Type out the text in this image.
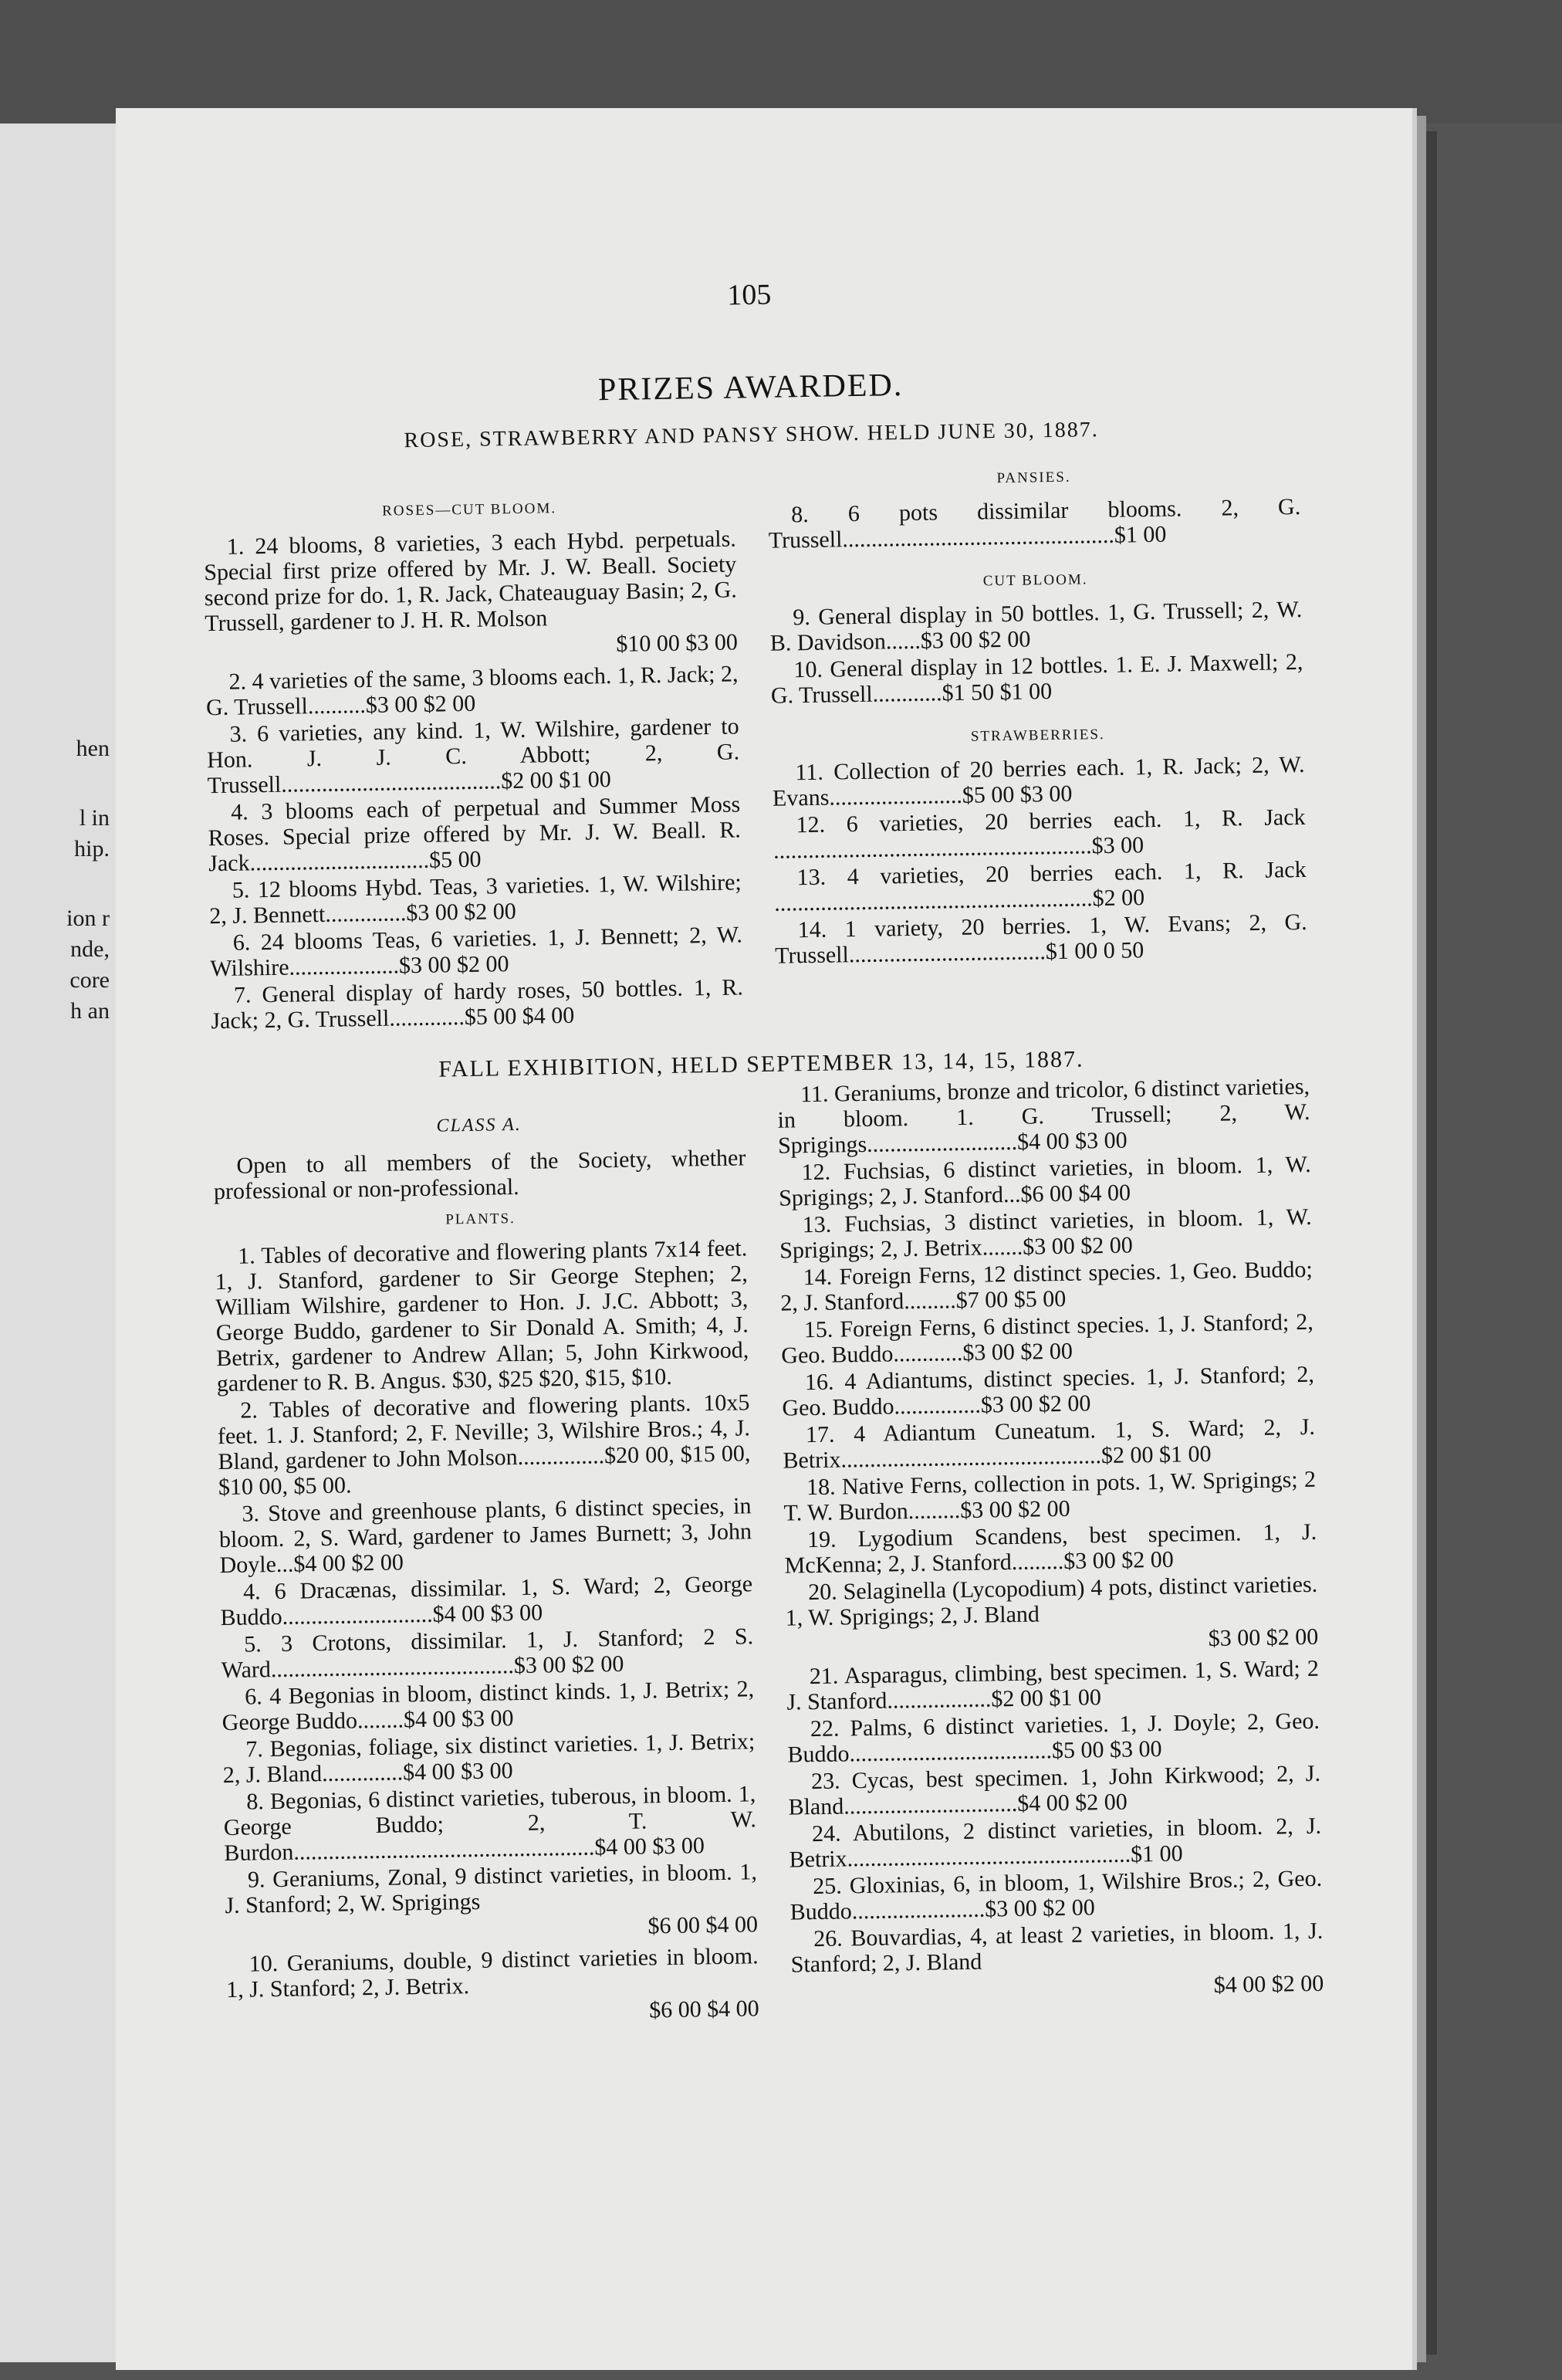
hen
l in
hip.
ion r
nde,
core
h an
105
PRIZES AWARDED.
ROSE, STRAWBERRY AND PANSY SHOW. HELD JUNE 30, 1887.
ROSES—CUT BLOOM.

1. 24 blooms, 8 varieties, 3 each Hybd. perpetuals. Special first prize offered by Mr. J. W. Beall. Society second prize for do. 1, R. Jack, Chateauguay Basin; 2, G. Trussell, gardener to J. H. R. Molson

$10 00 $3 00

2. 4 varieties of the same, 3 blooms each. 1, R. Jack; 2, G. Trussell..........$3 00 $2 00

3. 6 varieties, any kind. 1, W. Wilshire, gardener to Hon. J. J. C. Abbott; 2, G. Trussell......................................$2 00 $1 00

4. 3 blooms each of perpetual and Summer Moss Roses. Special prize offered by Mr. J. W. Beall. R. Jack...............................$5 00

5. 12 blooms Hybd. Teas, 3 varieties. 1, W. Wilshire; 2, J. Bennett..............$3 00 $2 00

6. 24 blooms Teas, 6 varieties. 1, J. Bennett; 2, W. Wilshire...................$3 00 $2 00

7. General display of hardy roses, 50 bottles. 1, R. Jack; 2, G. Trussell.............$5 00 $4 00

PANSIES.

8. 6 pots dissimilar blooms. 2, G. Trussell...............................................$1 00

CUT BLOOM.

9. General display in 50 bottles. 1, G. Trussell; 2, W. B. Davidson......$3 00 $2 00

10. General display in 12 bottles. 1. E. J. Maxwell; 2, G. Trussell............$1 50 $1 00

STRAWBERRIES.

11. Collection of 20 berries each. 1, R. Jack; 2, W. Evans.......................$5 00 $3 00

12. 6 varieties, 20 berries each. 1, R. Jack .......................................................$3 00

13. 4 varieties, 20 berries each. 1, R. Jack .......................................................$2 00

14. 1 variety, 20 berries. 1, W. Evans; 2, G. Trussell..................................$1 00 0 50

FALL EXHIBITION, HELD SEPTEMBER 13, 14, 15, 1887.
CLASS A.

Open to all members of the Society, whether professional or non-professional.

PLANTS.

1. Tables of decorative and flowering plants 7x14 feet. 1, J. Stanford, gardener to Sir George Stephen; 2, William Wilshire, gardener to Hon. J. J.C. Abbott; 3, George Buddo, gardener to Sir Donald A. Smith; 4, J. Betrix, gardener to Andrew Allan; 5, John Kirkwood, gardener to R. B. Angus. $30, $25 $20, $15, $10.

2. Tables of decorative and flowering plants. 10x5 feet. 1. J. Stanford; 2, F. Neville; 3, Wilshire Bros.; 4, J. Bland, gardener to John Molson...............$20 00, $15 00, $10 00, $5 00.

3. Stove and greenhouse plants, 6 distinct species, in bloom. 2, S. Ward, gardener to James Burnett; 3, John Doyle...$4 00 $2 00

4. 6 Dracænas, dissimilar. 1, S. Ward; 2, George Buddo..........................$4 00 $3 00

5. 3 Crotons, dissimilar. 1, J. Stanford; 2 S. Ward..........................................$3 00 $2 00

6. 4 Begonias in bloom, distinct kinds. 1, J. Betrix; 2, George Buddo........$4 00 $3 00

7. Begonias, foliage, six distinct varieties. 1, J. Betrix; 2, J. Bland..............$4 00 $3 00

8. Begonias, 6 distinct varieties, tuberous, in bloom. 1, George Buddo; 2, T. W. Burdon....................................................$4 00 $3 00

9. Geraniums, Zonal, 9 distinct varieties, in bloom. 1, J. Stanford; 2, W. Sprigings

$6 00 $4 00

10. Geraniums, double, 9 distinct varieties in bloom. 1, J. Stanford; 2, J. Betrix.

$6 00 $4 00

11. Geraniums, bronze and tricolor, 6 distinct varieties, in bloom. 1. G. Trussell; 2, W. Sprigings..........................$4 00 $3 00

12. Fuchsias, 6 distinct varieties, in bloom. 1, W. Sprigings; 2, J. Stanford...$6 00 $4 00

13. Fuchsias, 3 distinct varieties, in bloom. 1, W. Sprigings; 2, J. Betrix.......$3 00 $2 00

14. Foreign Ferns, 12 distinct species. 1, Geo. Buddo; 2, J. Stanford.........$7 00 $5 00

15. Foreign Ferns, 6 distinct species. 1, J. Stanford; 2, Geo. Buddo............$3 00 $2 00

16. 4 Adiantums, distinct species. 1, J. Stanford; 2, Geo. Buddo...............$3 00 $2 00

17. 4 Adiantum Cuneatum. 1, S. Ward; 2, J. Betrix.............................................$2 00 $1 00

18. Native Ferns, collection in pots. 1, W. Sprigings; 2 T. W. Burdon.........$3 00 $2 00

19. Lygodium Scandens, best specimen. 1, J. McKenna; 2, J. Stanford.........$3 00 $2 00

20. Selaginella (Lycopodium) 4 pots, distinct varieties. 1, W. Sprigings; 2, J. Bland

$3 00 $2 00

21. Asparagus, climbing, best specimen. 1, S. Ward; 2 J. Stanford..................$2 00 $1 00

22. Palms, 6 distinct varieties. 1, J. Doyle; 2, Geo. Buddo...................................$5 00 $3 00

23. Cycas, best specimen. 1, John Kirkwood; 2, J. Bland..............................$4 00 $2 00

24. Abutilons, 2 distinct varieties, in bloom. 2, J. Betrix.................................................$1 00

25. Gloxinias, 6, in bloom, 1, Wilshire Bros.; 2, Geo. Buddo.......................$3 00 $2 00

26. Bouvardias, 4, at least 2 varieties, in bloom. 1, J. Stanford; 2, J. Bland

$4 00 $2 00
